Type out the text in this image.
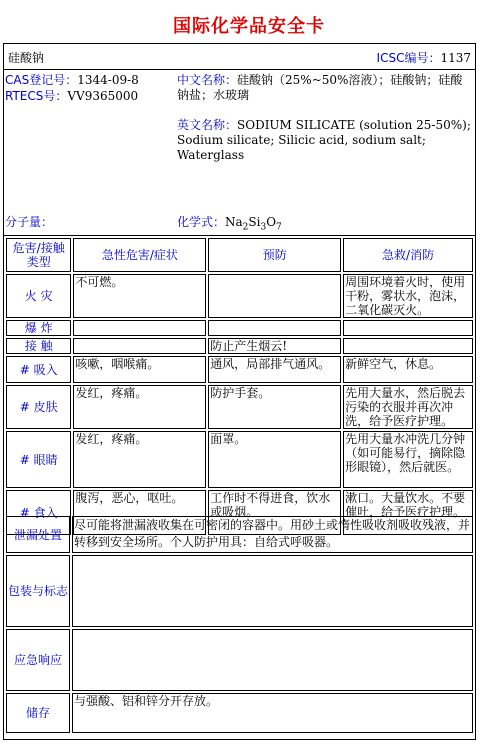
国际化学品安全卡
硅酸钠	ICSC编号：1137
CAS登记号：1344-09-8
RTECS号：VV9365000
中文名称：硅酸钠（25%~50%溶液）；硅酸钠；硅酸钠盐；水玻璃
英文名称：SODIUM SILICATE (solution 25-50%); Sodium silicate; Silicic acid, sodium salt; Waterglass
分子量：	化学式：$Na_2Si_3O_7$
危害/接触类型	急性危害/症状	预防	急救/消防
火 灾	不可燃。		周围环境着火时，使用干粉，雾状水，泡沫，二氧化碳灭火。
爆 炸			
接 触		防止产生烟云!	
# 吸入	咳嗽，咽喉痛。	通风，局部排气通风。	新鲜空气，休息。
# 皮肤	发红，疼痛。	防护手套。	先用大量水，然后脱去污染的衣服并再次冲洗，给予医疗护理。
# 眼睛	发红，疼痛。	面罩。	先用大量水冲洗几分钟（如可能易行，摘除隐形眼镜），然后就医。
# 食入	腹泻，恶心，呕吐。	工作时不得进食，饮水或吸烟。	漱口。大量饮水。不要催吐，给予医疗护理。
泄漏处置	尽可能将泄漏液收集在可密闭的容器中。用砂土或惰性吸收剂吸收残液，并转移到安全场所。个人防护用具：自给式呼吸器。
包装与标志	
应急响应	
储存	与强酸、铝和锌分开存放。
